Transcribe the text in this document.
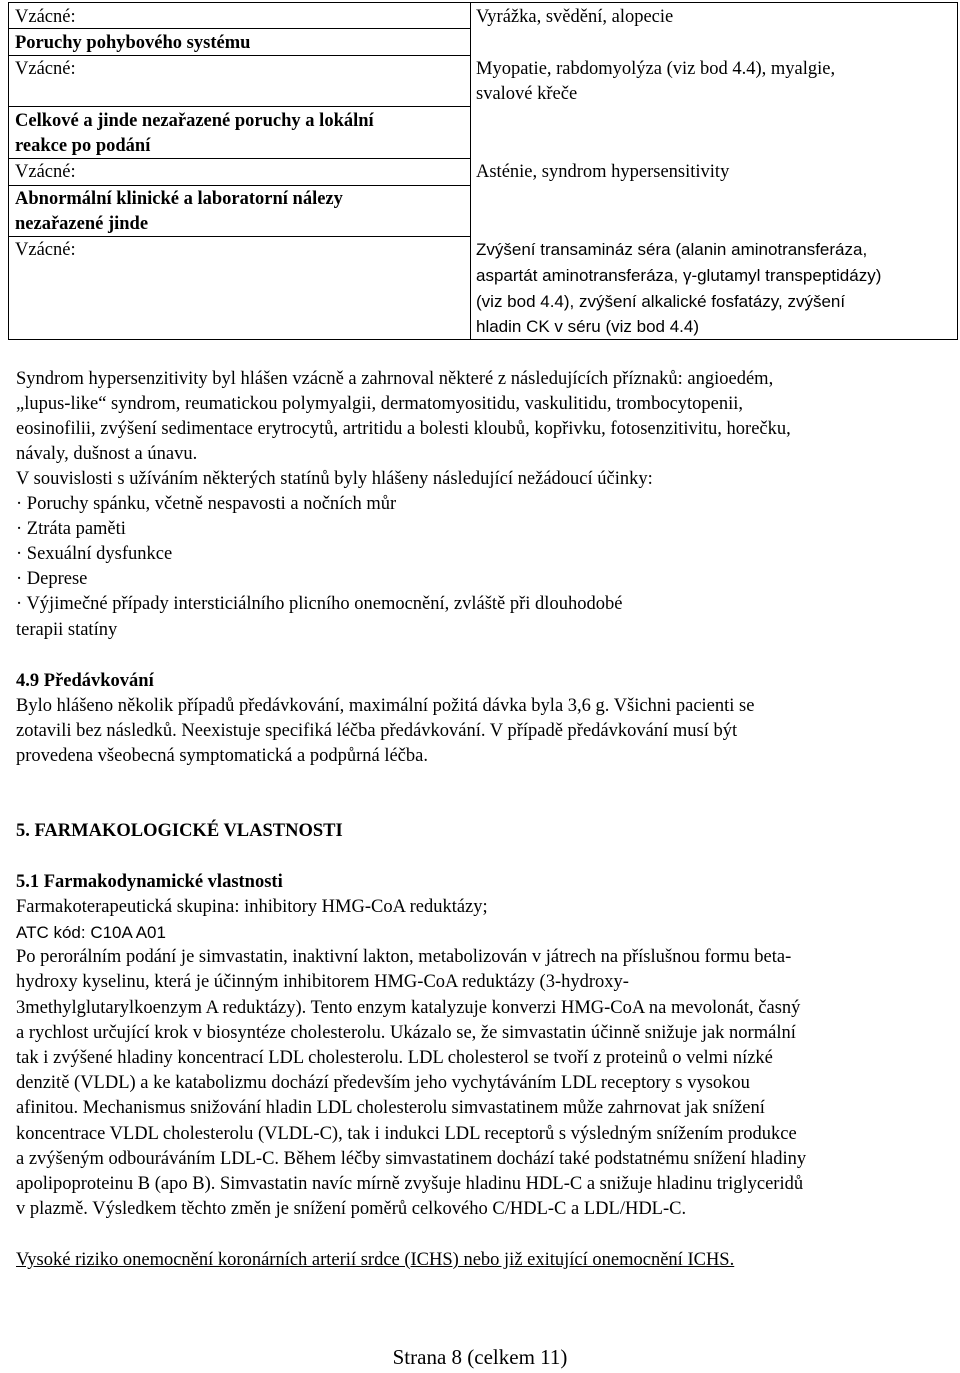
Vzácné:
Poruchy pohybového systému
Vzácné:
Celkové a jinde nezařazené poruchy a lokální
reakce po podání
Vzácné:
Abnormální klinické a laboratorní nálezy
nezařazené jinde
Vzácné:
Vyrážka, svědění, alopecie
Myopatie, rabdomyolýza (viz bod 4.4), myalgie,
svalové křeče
Asténie, syndrom hypersensitivity
Zvýšení transamináz séra (alanin aminotransferáza,
aspartát aminotransferáza, γ-glutamyl transpeptidázy)
(viz bod 4.4), zvýšení alkalické fosfatázy, zvýšení
hladin CK v séru (viz bod 4.4)
Syndrom hypersenzitivity byl hlášen vzácně a zahrnoval některé z následujících příznaků: angioedém,
„lupus-like“ syndrom, reumatickou polymyalgii, dermatomyositidu, vaskulitidu, trombocytopenii,
eosinofilii, zvýšení sedimentace erytrocytů, artritidu a bolesti kloubů, kopřivku, fotosenzitivitu, horečku,
návaly, dušnost a únavu.
V souvislosti s užíváním některých statínů byly hlášeny následující nežádoucí účinky:
· Poruchy spánku, včetně nespavosti a nočních můr
· Ztráta paměti
· Sexuální dysfunkce
· Deprese
· Výjimečné případy intersticiálního plicního onemocnění, zvláště při dlouhodobé
terapii statíny
4.9 Předávkování
Bylo hlášeno několik případů předávkování, maximální požitá dávka byla 3,6 g. Všichni pacienti se
zotavili bez následků. Neexistuje specifiká léčba předávkování. V případě předávkování musí být
provedena všeobecná symptomatická a podpůrná léčba.
5. FARMAKOLOGICKÉ VLASTNOSTI
5.1 Farmakodynamické vlastnosti
Farmakoterapeutická skupina: inhibitory HMG-CoA reduktázy;
ATC kód: C10A A01
Po perorálním podání je simvastatin, inaktivní lakton, metabolizován v játrech na příslušnou formu beta-
hydroxy kyselinu, která je účinným inhibitorem HMG-CoA reduktázy (3-hydroxy-
3methylglutarylkoenzym A reduktázy). Tento enzym katalyzuje konverzi HMG-CoA na mevolonát, časný
a rychlost určující krok v biosyntéze cholesterolu. Ukázalo se, že simvastatin účinně snižuje jak normální
tak i zvýšené hladiny koncentrací LDL cholesterolu. LDL cholesterol se tvoří z proteinů o velmi nízké
denzitě (VLDL) a ke katabolizmu dochází především jeho vychytáváním LDL receptory s vysokou
afinitou. Mechanismus snižování hladin LDL cholesterolu simvastatinem může zahrnovat jak snížení
koncentrace VLDL cholesterolu (VLDL-C), tak i indukci LDL receptorů s výsledným snížením produkce
a zvýšeným odbouráváním LDL-C. Během léčby simvastatinem dochází také podstatnému snížení hladiny
apolipoproteinu B (apo B). Simvastatin navíc mírně zvyšuje hladinu HDL-C a snižuje hladinu triglyceridů
v plazmě. Výsledkem těchto změn je snížení poměrů celkového C/HDL-C a LDL/HDL-C.
Vysoké riziko onemocnění koronárních arterií srdce (ICHS) nebo již exitující onemocnění ICHS.
Strana 8 (celkem 11)
